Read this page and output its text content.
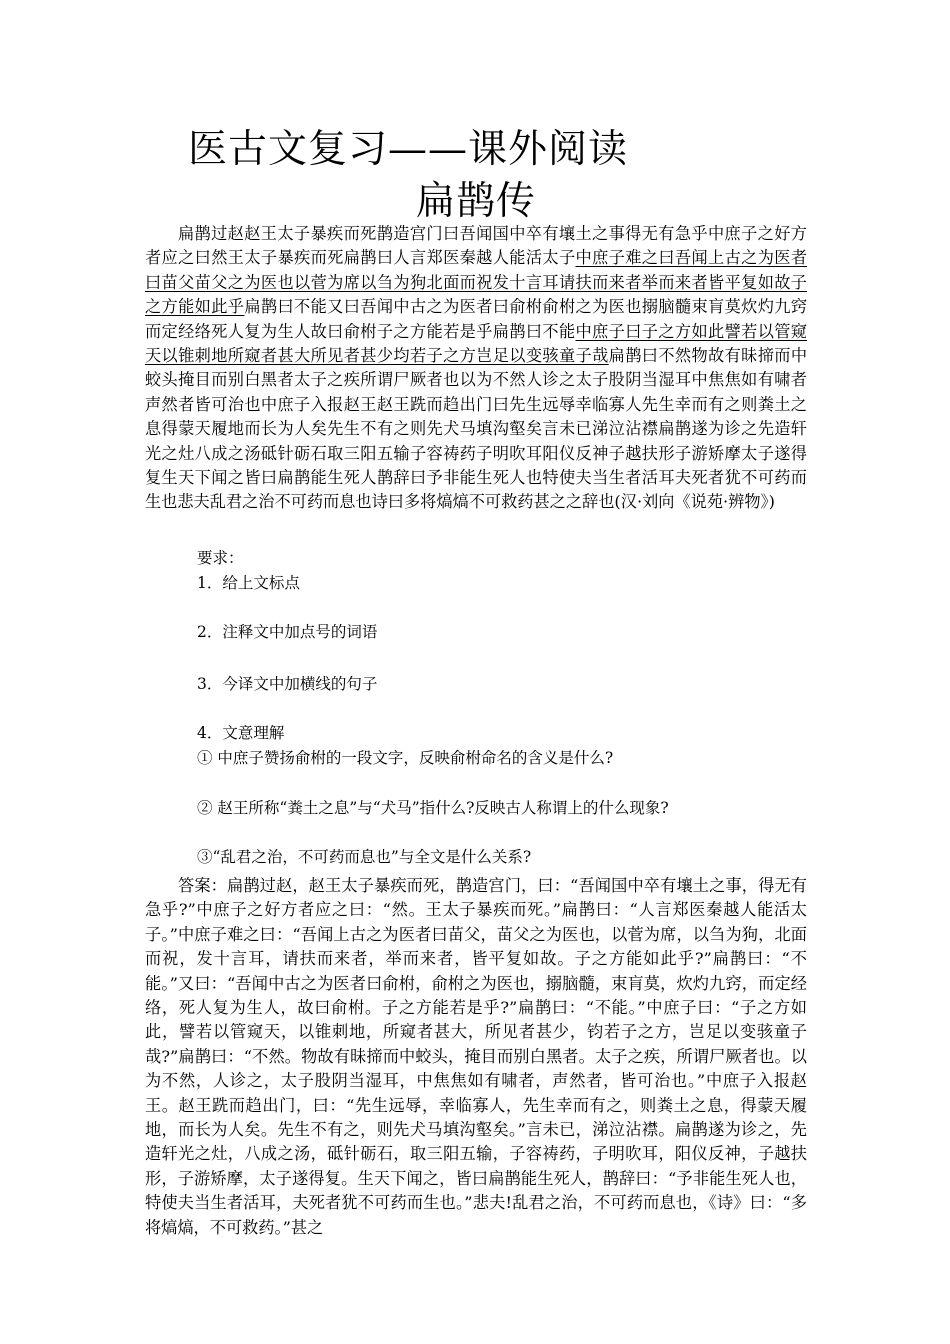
医古文复习——课外阅读
扁鹊传
扁鹊过赵赵王太子暴疾而死鹊造宫门曰吾闻国中卒有壤土之事得无有急乎中庶子之好方者应之曰然王太子暴疾而死扁鹊曰人言郑医秦越人能活太子中庶子难之曰吾闻上古之为医者曰苗父苗父之为医也以菅为席以刍为狗北面而祝发十言耳请扶而来者举而来者皆平复如故子之方能如此乎扁鹊曰不能又曰吾闻中古之为医者曰俞柎俞柎之为医也搦脑髓束肓莫炊灼九窍而定经络死人复为生人故曰俞柎子之方能若是乎扁鹊曰不能中庶子曰子之方如此譬若以管窥天以锥刺地所窥者甚大所见者甚少均若子之方岂足以变骇童子哉扁鹊曰不然物故有昧揥而中蛟头掩目而别白黑者太子之疾所谓尸厥者也以为不然人诊之太子股阴当湿耳中焦焦如有啸者声然者皆可治也中庶子入报赵王赵王跣而趋出门曰先生远辱幸临寡人先生幸而有之则粪土之息得蒙天履地而长为人矣先生不有之则先犬马填沟壑矣言未已涕泣沾襟扁鹊遂为诊之先造轩光之灶八成之汤砥针砺石取三阳五输子容祷药子明吹耳阳仪反神子越扶形子游矫摩太子遂得复生天下闻之皆曰扁鹊能生死人鹊辞曰予非能生死人也特使夫当生者活耳夫死者犹不可药而生也悲夫乱君之治不可药而息也诗曰多将熇熇不可救药甚之之辞也(汉·刘向《说苑·辨物》)
要求：
1．给上文标点
2．注释文中加点号的词语
3．今译文中加横线的句子
4．文意理解
① 中庶子赞扬俞柎的一段文字，反映俞柎命名的含义是什么?
② 赵王所称“粪土之息”与“犬马”指什么?反映古人称谓上的什么现象?
③“乱君之治，不可药而息也”与全文是什么关系?
答案：扁鹊过赵，赵王太子暴疾而死，鹊造宫门，曰：“吾闻国中卒有壤土之事，得无有急乎?”中庶子之好方者应之曰：“然。王太子暴疾而死。”扁鹊曰：“人言郑医秦越人能活太子。”中庶子难之曰：“吾闻上古之为医者曰苗父，苗父之为医也，以菅为席，以刍为狗，北面而祝，发十言耳，请扶而来者，举而来者，皆平复如故。子之方能如此乎?”扁鹊曰：“不能。”又曰：“吾闻中古之为医者曰俞柎，俞柎之为医也，搦脑髓，束肓莫，炊灼九窍，而定经络，死人复为生人，故曰俞柎。子之方能若是乎?”扁鹊曰：“不能。”中庶子曰：“子之方如此，譬若以管窥天，以锥刺地，所窥者甚大，所见者甚少，钧若子之方，岂足以变骇童子哉?”扁鹊曰：“不然。物故有昧揥而中蛟头，掩目而别白黑者。太子之疾，所谓尸厥者也。以为不然，人诊之，太子股阴当湿耳，中焦焦如有啸者，声然者，皆可治也。”中庶子入报赵王。赵王跣而趋出门，曰：“先生远辱，幸临寡人，先生幸而有之，则粪土之息，得蒙天履地，而长为人矣。先生不有之，则先犬马填沟壑矣。”言未已，涕泣沾襟。扁鹊遂为诊之，先造轩光之灶，八成之汤，砥针砺石，取三阳五输，子容祷药，子明吹耳，阳仪反神，子越扶形，子游矫摩，太子遂得复。生天下闻之，皆曰扁鹊能生死人，鹊辞曰：“予非能生死人也，特使夫当生者活耳，夫死者犹不可药而生也。”悲夫!乱君之治，不可药而息也，《诗》曰：“多将熇熇，不可救药。”甚之
